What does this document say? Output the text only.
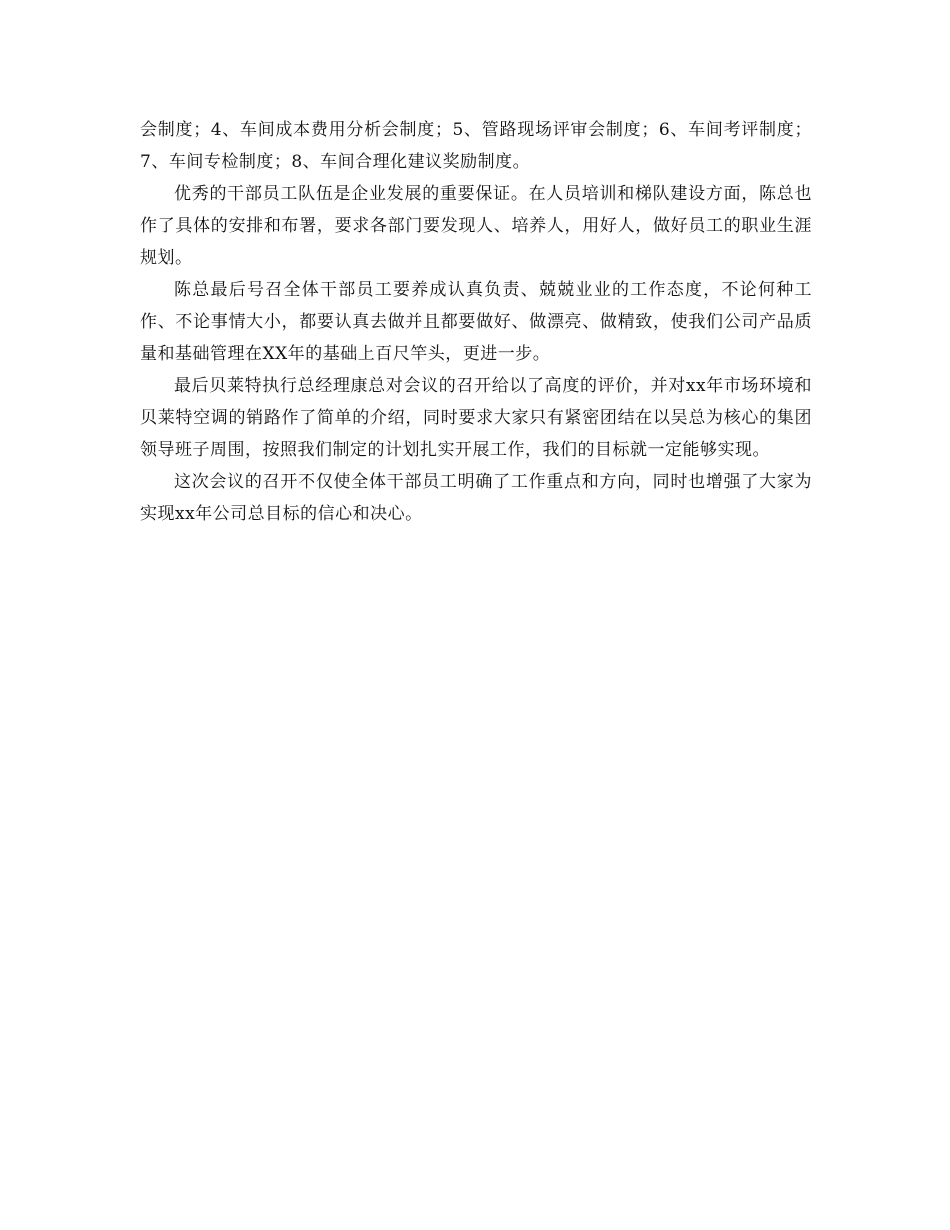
会制度；4、车间成本费用分析会制度；5、管路现场评审会制度；6、车间考评制度；7、车间专检制度；8、车间合理化建议奖励制度。

优秀的干部员工队伍是企业发展的重要保证。在人员培训和梯队建设方面，陈总也作了具体的安排和布署，要求各部门要发现人、培养人，用好人，做好员工的职业生涯规划。

陈总最后号召全体干部员工要养成认真负责、兢兢业业的工作态度，不论何种工作、不论事情大小，都要认真去做并且都要做好、做漂亮、做精致，使我们公司产品质量和基础管理在XX年的基础上百尺竿头，更进一步。

最后贝莱特执行总经理康总对会议的召开给以了高度的评价，并对xx年市场环境和贝莱特空调的销路作了简单的介绍，同时要求大家只有紧密团结在以吴总为核心的集团领导班子周围，按照我们制定的计划扎实开展工作，我们的目标就一定能够实现。

这次会议的召开不仅使全体干部员工明确了工作重点和方向，同时也增强了大家为实现xx年公司总目标的信心和决心。
